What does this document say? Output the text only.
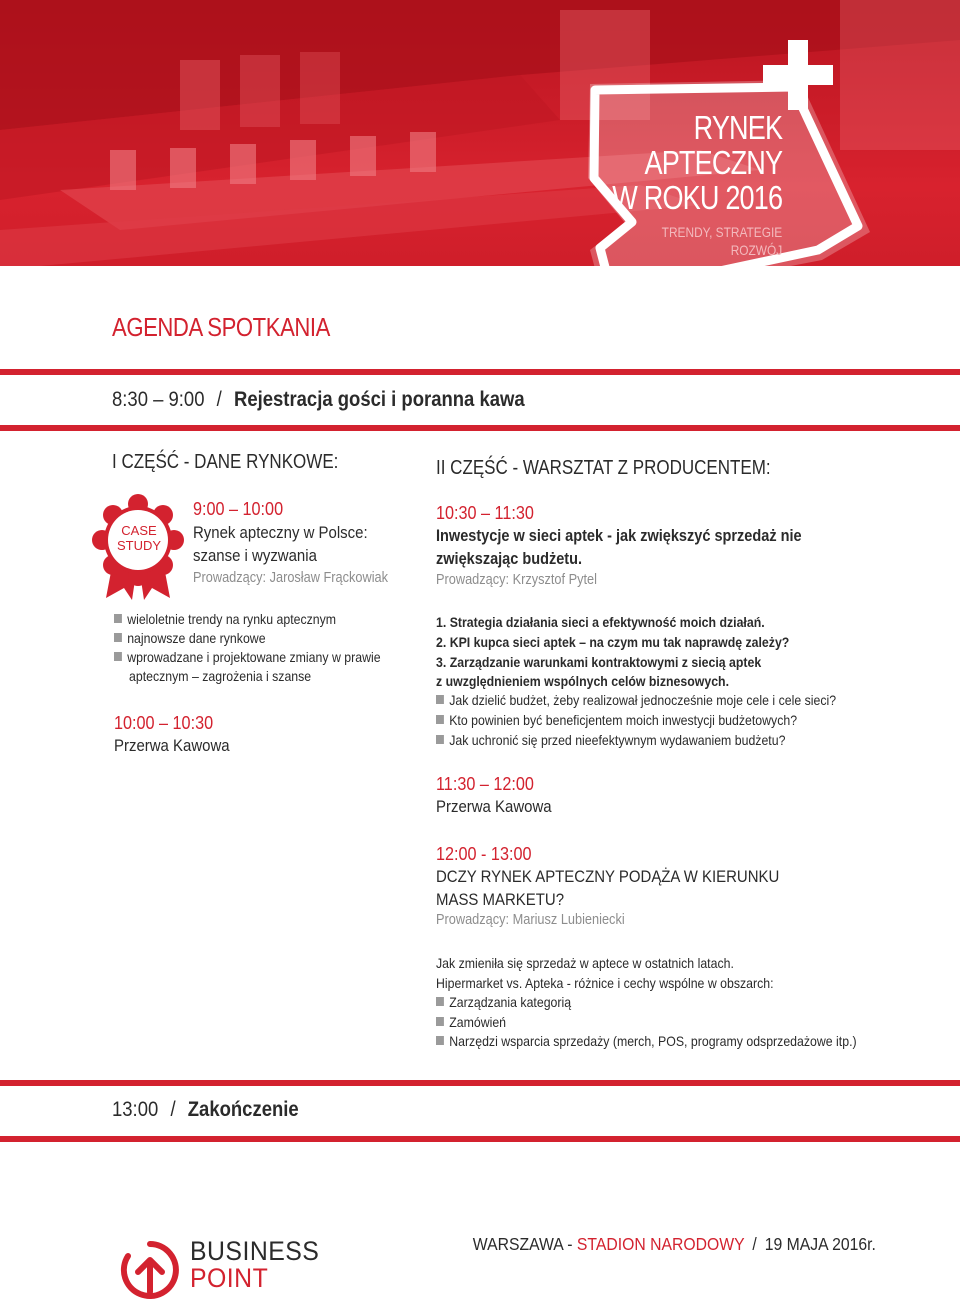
RYNEK
APTECZNY
W ROKU 2016
TRENDY, STRATEGIE
ROZWÓJ
AGENDA SPOTKANIA
8:30 – 9:00 / Rejestracja gości i poranna kawa
I CZĘŚĆ - DANE RYNKOWE:
CASE
STUDY
9:00 – 10:00
Rynek apteczny w Polsce:
szanse i wyzwania
Prowadzący: Jarosław Frąckowiak
wieloletnie trendy na rynku aptecznym
najnowsze dane rynkowe
wprowadzane i projektowane zmiany w prawie
aptecznym – zagrożenia i szanse
10:00 – 10:30
Przerwa Kawowa
II CZĘŚĆ - WARSZTAT Z PRODUCENTEM:
10:30 – 11:30
Inwestycje w sieci aptek - jak zwiększyć sprzedaż nie
zwiększając budżetu.
Prowadzący: Krzysztof Pytel
1. Strategia działania sieci a efektywność moich działań.
2. KPI kupca sieci aptek – na czym mu tak naprawdę zależy?
3. Zarządzanie warunkami kontraktowymi z siecią aptek
z uwzględnieniem wspólnych celów biznesowych.
Jak dzielić budżet, żeby realizował jednocześnie moje cele i cele sieci?
Kto powinien być beneficjentem moich inwestycji budżetowych?
Jak uchronić się przed nieefektywnym wydawaniem budżetu?
11:30 – 12:00
Przerwa Kawowa
12:00 - 13:00
DCZY RYNEK APTECZNY PODĄŻA W KIERUNKU
MASS MARKETU?
Prowadzący: Mariusz Lubieniecki
Jak zmieniła się sprzedaż w aptece w ostatnich latach.
Hipermarket vs. Apteka - różnice i cechy wspólne w obszarch:
Zarządzania kategorią
Zamówień
Narzędzi wsparcia sprzedaży (merch, POS, programy odsprzedażowe itp.)
13:00 / Zakończenie
BUSINESS
POINT
WARSZAWA - STADION NARODOWY / 19 MAJA 2016r.
